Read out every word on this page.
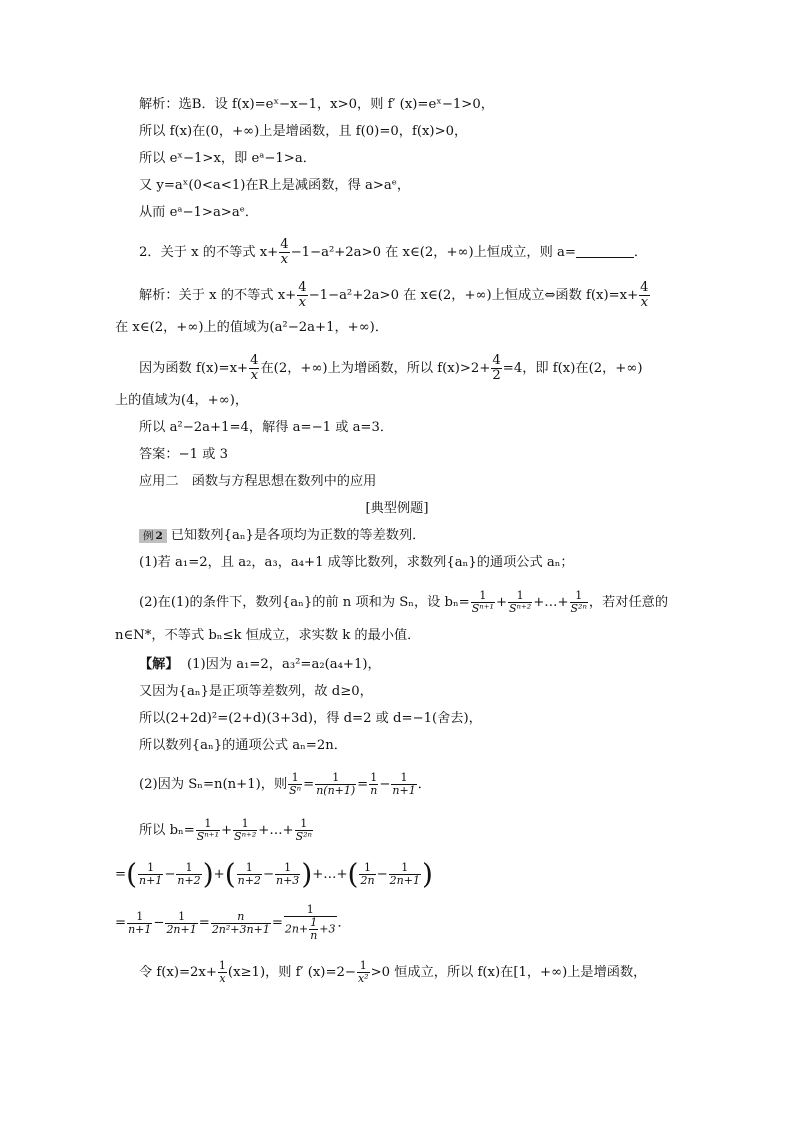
解析：选B．设 f(x)=eˣ−x−1，x>0，则 f′ (x)=eˣ−1>0，
所以 f(x)在(0，+∞)上是增函数，且 f(0)=0，f(x)>0，
所以 eˣ−1>x，即 eᵃ−1>a．
又 y=aˣ(0<a<1)在R上是减函数，得 a>aᵉ，
从而 eᵃ−1>a>aᵉ．
2．关于 x 的不等式 $x+ \frac{4}{x} -1-a^2+2a>0$ 在 x∈(2，+∞)上恒成立，则 a=	．
解析：关于 x 的不等式 $x+ \frac{4}{x} -1-a^2+2a>0$ 在 x∈(2，+∞)上恒成立⇔函数 $f(x)=x+ \frac{4}{x}$
在 x∈(2，+∞)上的值域为(a²−2a+1，+∞)．
因为函数 $f(x)=x+ \frac{4}{x}$ 在(2，+∞)上为增函数，所以 $f(x)>2+ \frac{4}{2} =4$，即 f(x)在(2，+∞)
上的值域为(4，+∞)，
所以 a²−2a+1=4，解得 a=−1 或 a=3．
答案：−1 或 3
应用二　函数与方程思想在数列中的应用
[典型例题]
例 2 已知数列{aₙ}是各项均为正数的等差数列．
(1)若 a₁=2，且 a₂，a₃，a₄+1 成等比数列，求数列{aₙ}的通项公式 aₙ；
(2)在(1)的条件下，数列{aₙ}的前 n 项和为 Sₙ，设 $b_n= \frac{1}{\text{Sⁿ⁺¹}} + \frac{1}{\text{Sⁿ⁺²}}$ +…+ $\frac{1}{\text{S²ⁿ}}$ ，若对任意的
n∈N*，不等式 bₙ≤k 恒成立，求实数 k 的最小值．
【解】 (1)因为 a₁=2，a₃²=a₂(a₄+1)，
又因为{aₙ}是正项等差数列，故 d≥0，
所以(2+2d)²=(2+d)(3+3d)，得 d=2 或 d=−1(舍去)，
所以数列{aₙ}的通项公式 aₙ=2n．
(2)因为 Sₙ=n(n+1)，则 $\frac{1}{\text{Sⁿ}} = \frac{1}{n(n+1)} = \frac{1}{n} - \frac{1}{n+1}$ ．
所以 $b_n= \frac{1}{\text{Sⁿ⁺¹}} + \frac{1}{\text{Sⁿ⁺²}}$ +…+ $\frac{1}{\text{S²ⁿ}}$
=( $\frac{1}{n+1} - \frac{1}{n+2}$ )+( $\frac{1}{n+2} - \frac{1}{n+3}$ )+…+( $\frac{1}{2n} - \frac{1}{2n+1}$ )
= $\frac{1}{n+1} - \frac{1}{2n+1} = \frac{n}{\text{2n²+3n+1}} = \frac{1}{2n+ \frac{1}{n} +3}$ ．
令 $f(x)=2x+ \frac{1}{x} (x\ge 1)$，则 f′ $(x)=2- \frac{1}{\text{x²}} >0$ 恒成立，所以 f(x)在[1，+∞)上是增函数，
